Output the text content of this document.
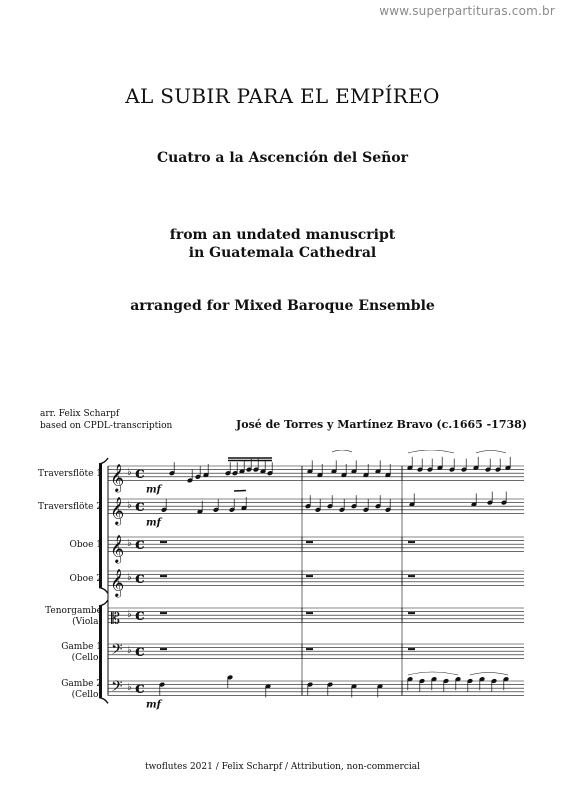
www.superpartituras.com.br
AL SUBIR PARA EL EMPÍREO
Cuatro a la Ascención del Señor
from an undated manuscript
in Guatemala Cathedral
arranged for Mixed Baroque Ensemble
arr. Felix Scharpf
based on CPDL-transcription	José de Torres y Martínez Bravo (c.1665 -1738)
Traversflöte 1 𝄞 ♭ c
mf
Traversflöte 2 𝄞 ♭ c
mf
Oboe 1 𝄞 ♭ c
Oboe 2 𝄞 ♭ c
Tenorgambe
(Viola) 𝄡 ♭ c
Gambe 1
(Cello) 𝄢 ♭ c
Gambe 2
(Cello) 𝄢 ♭ c
mf
twoflutes 2021 / Felix Scharpf / Attribution, non-commercial
